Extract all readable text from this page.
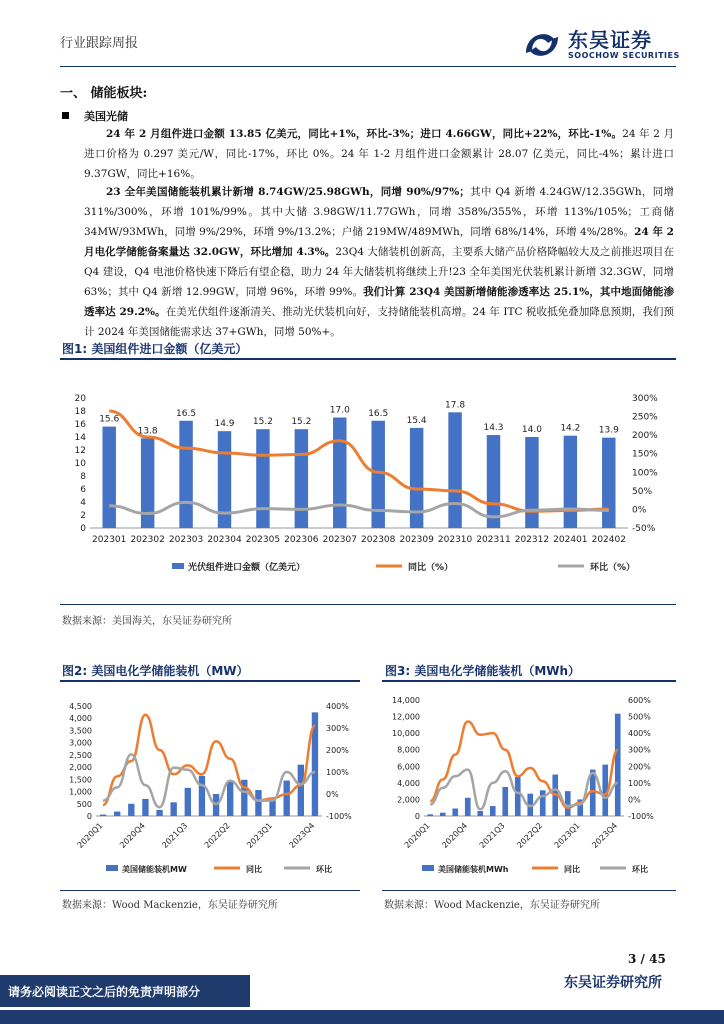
行业跟踪周报	东吴证券
SOOCHOW SECURITIES
一、 储能板块:
美国光储

24 年 2 月组件进口金额 13.85 亿美元，同比+1%，环比-3%；进口 4.66GW，同比+22%，环比-1%。24 年 2 月进口价格为 0.297 美元/W，同比-17%，环比 0%。24 年 1-2 月组件进口金额累计 28.07 亿美元，同比-4%；累计进口 9.37GW，同比+16%。

23 全年美国储能装机累计新增 8.74GW/25.98GWh，同增 90%/97%；其中 Q4 新增 4.24GW/12.35GWh，同增 311%/300%，环增 101%/99%。其中大储 3.98GW/11.77GWh，同增 358%/355%，环增 113%/105%；工商储 34MW/93MWh，同增 9%/29%，环增 9%/13.2%；户储 219MW/489MWh，同增 68%/14%，环增 4%/28%。24 年 2 月电化学储能备案量达 32.0GW，环比增加 4.3%。23Q4 大储装机创新高，主要系大储产品价格降幅较大及之前推迟项目在 Q4 建设，Q4 电池价格快速下降后有望企稳，助力 24 年大储装机将继续上升!23 全年美国光伏装机累计新增 32.3GW，同增 63%；其中 Q4 新增 12.99GW，同增 96%，环增 99%。我们计算 23Q4 美国新增储能渗透率达 25.1%，其中地面储能渗透率达 29.2%。在美光伏组件逐渐清关、推动光伏装机向好，支持储能装机高增。24 年 ITC 税收抵免叠加降息预期，我们预计 2024 年美国储能需求达 37+GWh，同增 50%+。

图1: 美国组件进口金额（亿美元）
0
2
4
6
8
10
12
14
16
18
20
-50%
0%
50%
100%
150%
200%
250%
300%
15.6
13.8
16.5
14.9 15.2 15.2
17.0 16.5
15.4
17.8
14.3 14.0 14.2 13.9
202301 202302 202303 202304 202305 202306 202307 202308 202309 202310 202311 202312 202401 202402
光伏组件进口金额（亿美元）	同比（%）	环比（%）
数据来源：美国海关，东吴证券研究所
图2: 美国电化学储能装机（MW）
0
500
1,000
1,500
2,000
2,500
3,000
3,500
4,000
4,500
-100%
0%
100%
200%
300%
400%
2020Q1 2020Q4 2021Q3 2022Q2 2023Q1 2023Q4
美国储能装机MW	同比	环比
数据来源：Wood Mackenzie，东吴证券研究所
图3: 美国电化学储能装机（MWh）
0
2,000
4,000
6,000
8,000
10,000
12,000
14,000
-100%
0%
100%
200%
300%
400%
500%
600%
2020Q1 2020Q4 2021Q3 2022Q2 2023Q1 2023Q4
美国储能装机MWh	同比	环比
数据来源：Wood Mackenzie，东吴证券研究所
3 / 45
东吴证券研究所
请务必阅读正文之后的免责声明部分
